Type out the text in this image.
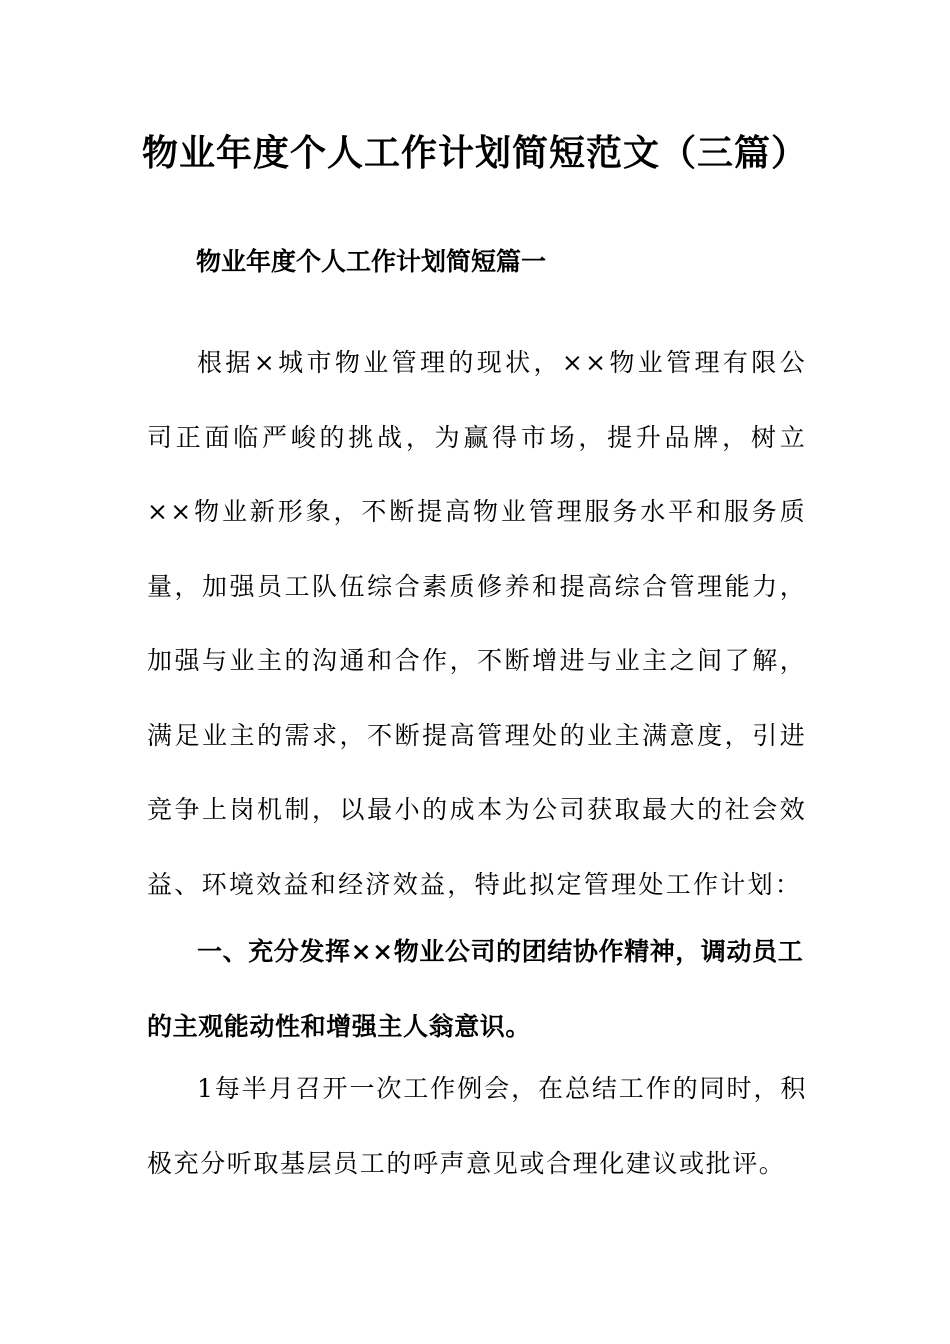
物业年度个人工作计划简短范文（三篇）
物业年度个人工作计划简短篇一
根据×城市物业管理的现状，××物业管理有限公司正面临严峻的挑战，为赢得市场，提升品牌，树立××物业新形象，不断提高物业管理服务水平和服务质量，加强员工队伍综合素质修养和提高综合管理能力，加强与业主的沟通和合作，不断增进与业主之间了解，满足业主的需求，不断提高管理处的业主满意度，引进竞争上岗机制，以最小的成本为公司获取最大的社会效益、环境效益和经济效益，特此拟定管理处工作计划：
一、充分发挥××物业公司的团结协作精神，调动员工的主观能动性和增强主人翁意识。
1每半月召开一次工作例会，在总结工作的同时，积极充分听取基层员工的呼声意见或合理化建议或批评。
